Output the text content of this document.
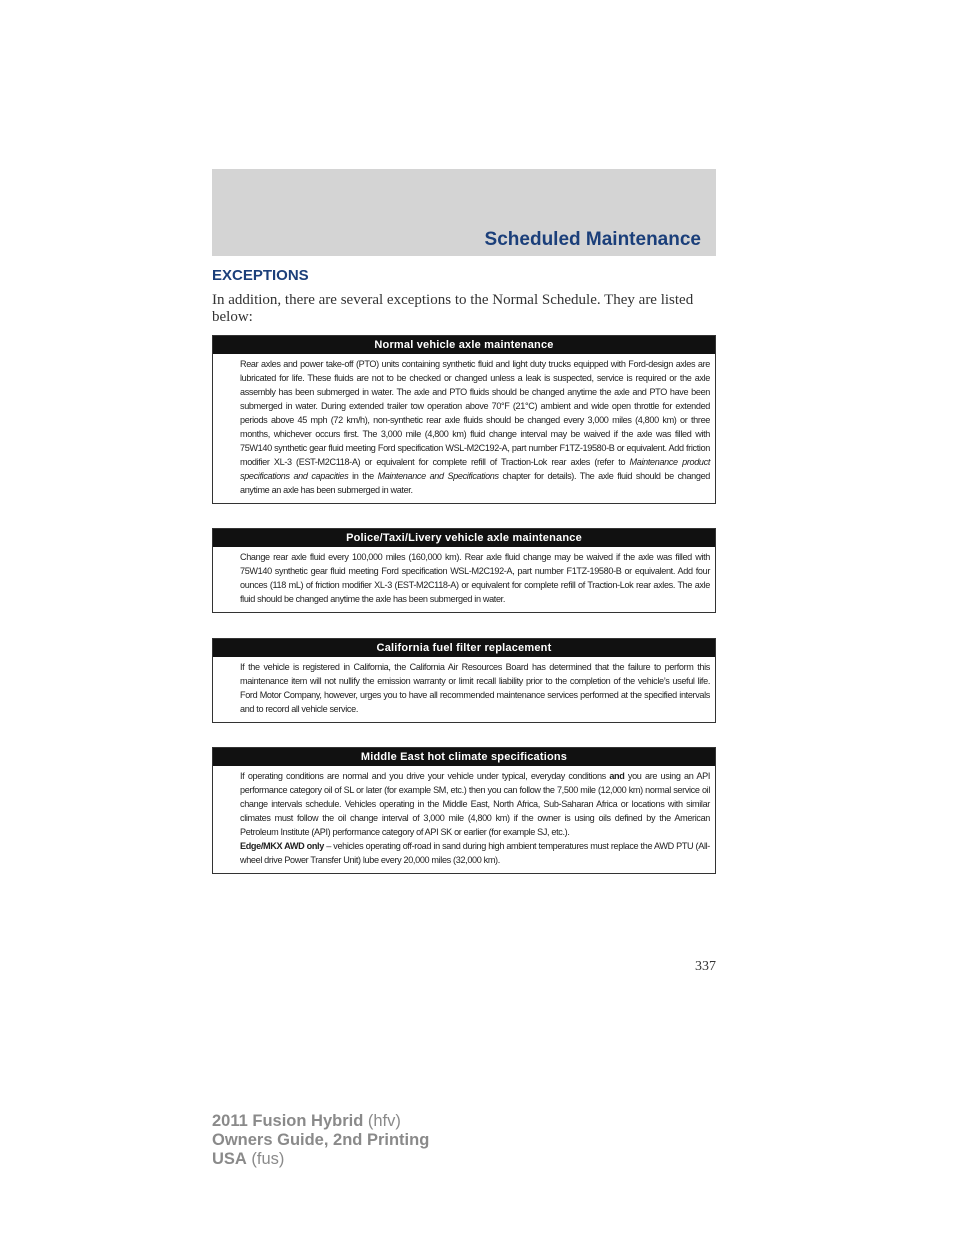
Scheduled Maintenance
EXCEPTIONS

In addition, there are several exceptions to the Normal Schedule. They are listed below:

Normal vehicle axle maintenance

Rear axles and power take-off (PTO) units containing synthetic fluid and light duty trucks equipped with Ford-design axles are lubricated for life. These fluids are not to be checked or changed unless a leak is suspected, service is required or the axle assembly has been submerged in water. The axle and PTO fluids should be changed anytime the axle and PTO have been submerged in water. During extended trailer tow operation above 70°F (21°C) ambient and wide open throttle for extended periods above 45 mph (72 km/h), non-synthetic rear axle fluids should be changed every 3,000 miles (4,800 km) or three months, whichever occurs first. The 3,000 mile (4,800 km) fluid change interval may be waived if the axle was filled with 75W140 synthetic gear fluid meeting Ford specification WSL-M2C192-A, part number F1TZ-19580-B or equivalent. Add friction modifier XL-3 (EST-M2C118-A) or equivalent for complete refill of Traction-Lok rear axles (refer to Maintenance product specifications and capacities in the Maintenance and Specifications chapter for details). The axle fluid should be changed anytime an axle has been submerged in water.

Police/Taxi/Livery vehicle axle maintenance

Change rear axle fluid every 100,000 miles (160,000 km). Rear axle fluid change may be waived if the axle was filled with 75W140 synthetic gear fluid meeting Ford specification WSL-M2C192-A, part number F1TZ-19580-B or equivalent. Add four ounces (118 mL) of friction modifier XL-3 (EST-M2C118-A) or equivalent for complete refill of Traction-Lok rear axles. The axle fluid should be changed anytime the axle has been submerged in water.

California fuel filter replacement

If the vehicle is registered in California, the California Air Resources Board has determined that the failure to perform this maintenance item will not nullify the emission warranty or limit recall liability prior to the completion of the vehicle’s useful life. Ford Motor Company, however, urges you to have all recommended maintenance services performed at the specified intervals and to record all vehicle service.

Middle East hot climate specifications

If operating conditions are normal and you drive your vehicle under typical, everyday conditions and you are using an API performance category oil of SL or later (for example SM, etc.) then you can follow the 7,500 mile (12,000 km) normal service oil change intervals schedule. Vehicles operating in the Middle East, North Africa, Sub-Saharan Africa or locations with similar climates must follow the oil change interval of 3,000 mile (4,800 km) if the owner is using oils defined by the American Petroleum Institute (API) performance category of API SK or earlier (for example SJ, etc.).

Edge/MKX AWD only – vehicles operating off-road in sand during high ambient temperatures must replace the AWD PTU (All-wheel drive Power Transfer Unit) lube every 20,000 miles (32,000 km).

337

2011 Fusion Hybrid (hfv)
Owners Guide, 2nd Printing
USA (fus)
